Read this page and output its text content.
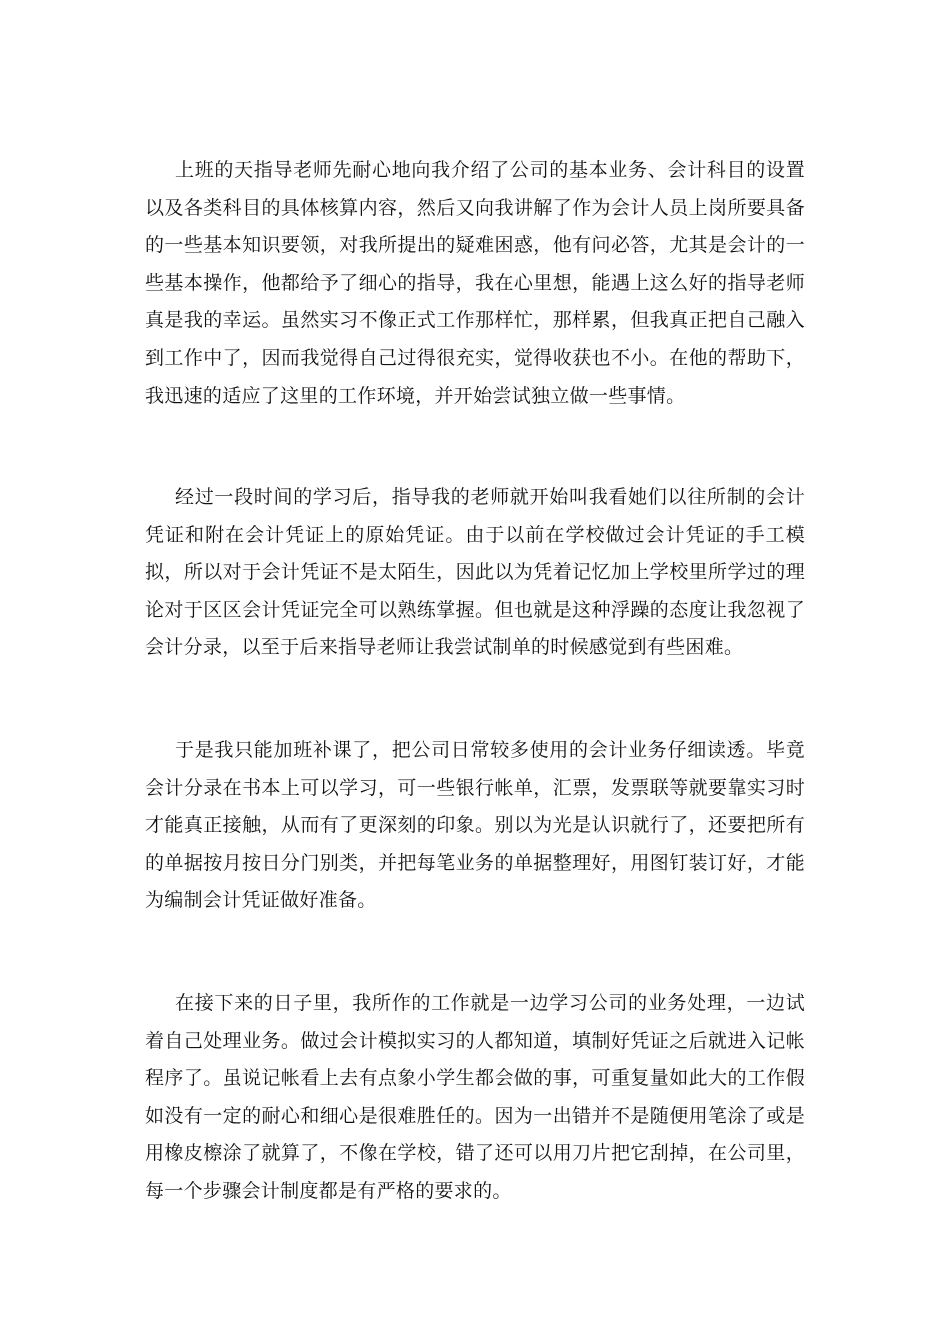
上班的天指导老师先耐心地向我介绍了公司的基本业务、会计科目的设置以及各类科目的具体核算内容，然后又向我讲解了作为会计人员上岗所要具备的一些基本知识要领，对我所提出的疑难困惑，他有问必答，尤其是会计的一些基本操作，他都给予了细心的指导，我在心里想，能遇上这么好的指导老师真是我的幸运。虽然实习不像正式工作那样忙，那样累，但我真正把自己融入到工作中了，因而我觉得自己过得很充实，觉得收获也不小。在他的帮助下，我迅速的适应了这里的工作环境，并开始尝试独立做一些事情。

经过一段时间的学习后，指导我的老师就开始叫我看她们以往所制的会计凭证和附在会计凭证上的原始凭证。由于以前在学校做过会计凭证的手工模拟，所以对于会计凭证不是太陌生，因此以为凭着记忆加上学校里所学过的理论对于区区会计凭证完全可以熟练掌握。但也就是这种浮躁的态度让我忽视了会计分录，以至于后来指导老师让我尝试制单的时候感觉到有些困难。

于是我只能加班补课了，把公司日常较多使用的会计业务仔细读透。毕竟会计分录在书本上可以学习，可一些银行帐单，汇票，发票联等就要靠实习时才能真正接触，从而有了更深刻的印象。别以为光是认识就行了，还要把所有的单据按月按日分门别类，并把每笔业务的单据整理好，用图钉装订好，才能为编制会计凭证做好准备。

在接下来的日子里，我所作的工作就是一边学习公司的业务处理，一边试着自己处理业务。做过会计模拟实习的人都知道，填制好凭证之后就进入记帐程序了。虽说记帐看上去有点象小学生都会做的事，可重复量如此大的工作假如没有一定的耐心和细心是很难胜任的。因为一出错并不是随便用笔涂了或是用橡皮檫涂了就算了，不像在学校，错了还可以用刀片把它刮掉，在公司里，每一个步骤会计制度都是有严格的要求的。
